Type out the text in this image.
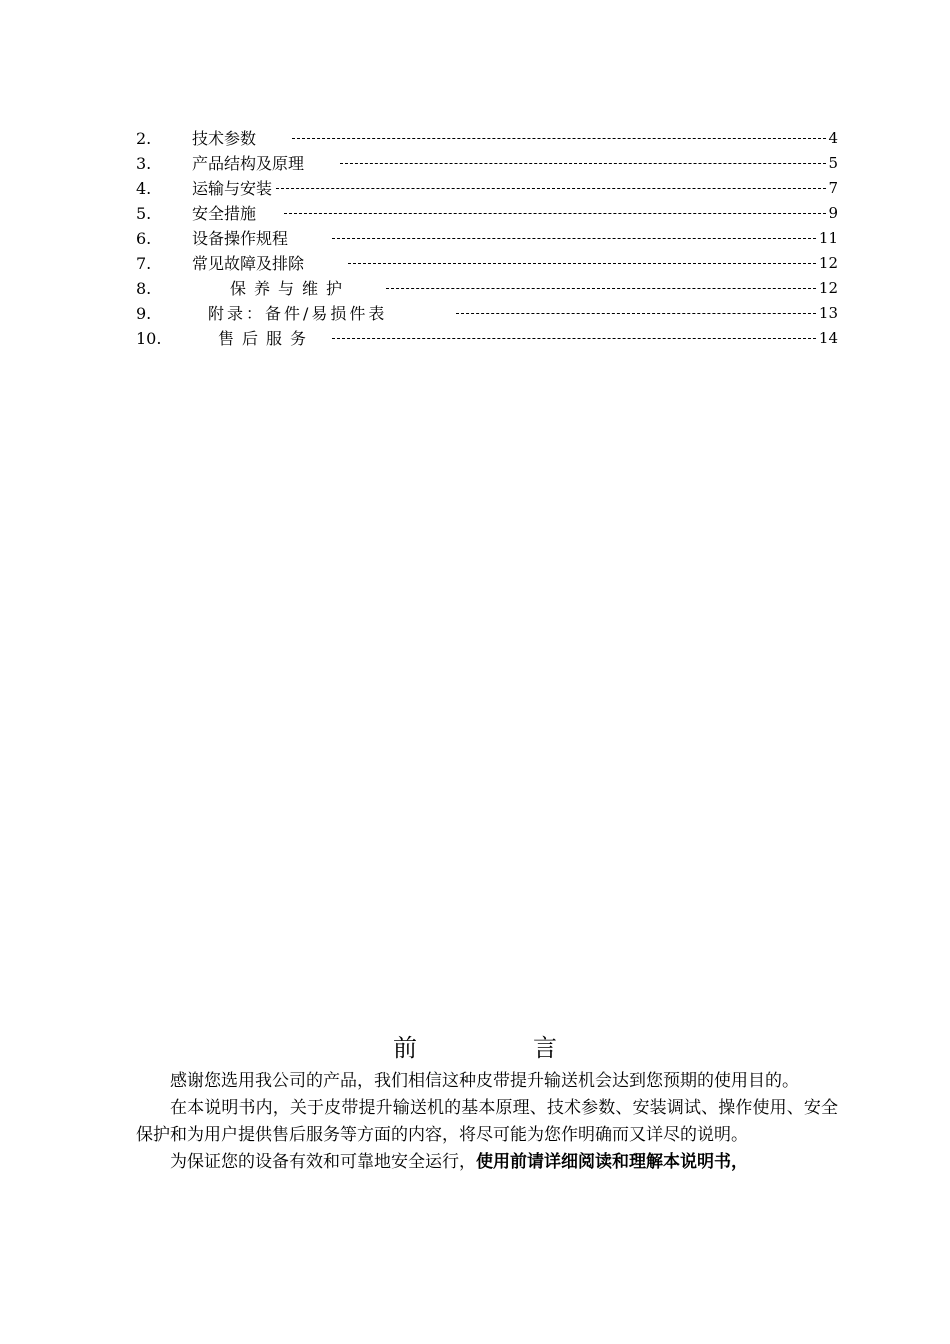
2.	技术参数	4
3.	产品结构及原理	5
4.	运输与安装	7
5.	安全措施	9
6.	设备操作规程	11
7.	常见故障及排除	12
8.	保养与维护	12
9.	附录：备件/易损件表	13
10.	售后服务	14
前	言

感谢您选用我公司的产品，我们相信这种皮带提升输送机会达到您预期的使用目的。

在本说明书内，关于皮带提升输送机的基本原理、技术参数、安装调试、操作使用、安全保护和为用户提供售后服务等方面的内容，将尽可能为您作明确而又详尽的说明。

为保证您的设备有效和可靠地安全运行，使用前请详细阅读和理解本说明书，
